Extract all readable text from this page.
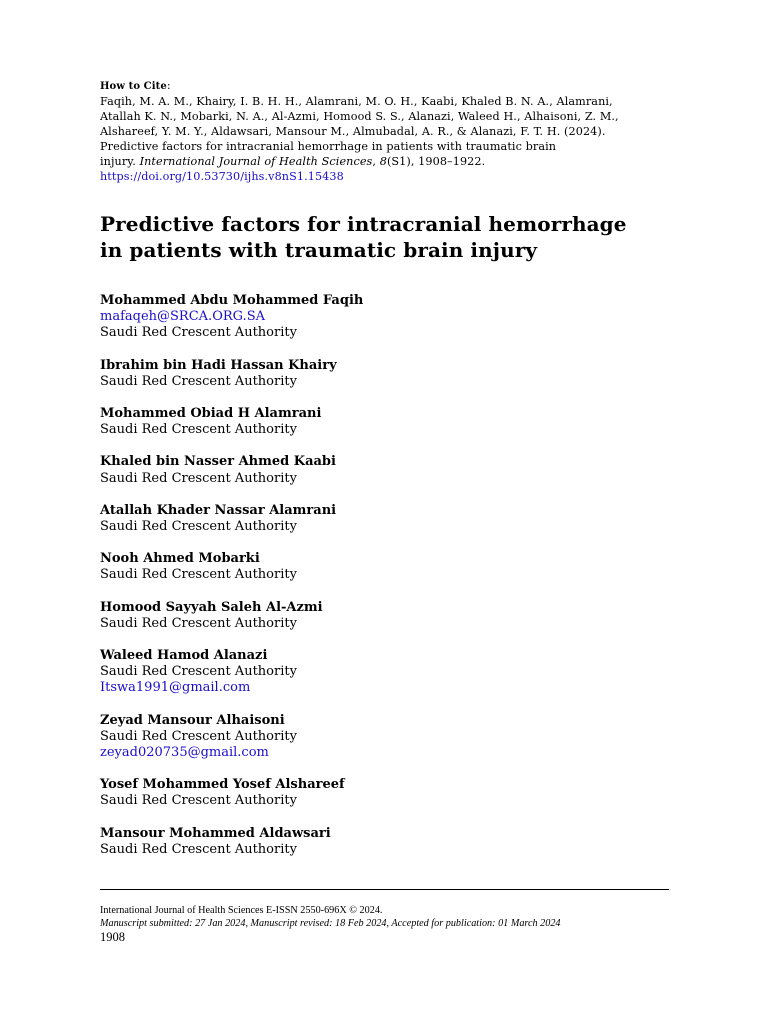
How to Cite:
Faqih, M. A. M., Khairy, I. B. H. H., Alamrani, M. O. H., Kaabi, Khaled B. N. A., Alamrani,
Atallah K. N., Mobarki, N. A., Al-Azmi, Homood S. S., Alanazi, Waleed H., Alhaisoni, Z. M.,
Alshareef, Y. M. Y., Aldawsari, Mansour M., Almubadal, A. R., & Alanazi, F. T. H. (2024).
Predictive factors for intracranial hemorrhage in patients with traumatic brain
injury. International Journal of Health Sciences, 8(S1), 1908–1922.
https://doi.org/10.53730/ijhs.v8nS1.15438
Predictive factors for intracranial hemorrhage
in patients with traumatic brain injury
Mohammed Abdu Mohammed Faqih
mafaqeh@SRCA.ORG.SA
Saudi Red Crescent Authority
Ibrahim bin Hadi Hassan Khairy
Saudi Red Crescent Authority
Mohammed Obiad H Alamrani
Saudi Red Crescent Authority
Khaled bin Nasser Ahmed Kaabi
Saudi Red Crescent Authority
Atallah Khader Nassar Alamrani
Saudi Red Crescent Authority
Nooh Ahmed Mobarki
Saudi Red Crescent Authority
Homood Sayyah Saleh Al-Azmi
Saudi Red Crescent Authority
Waleed Hamod Alanazi
Saudi Red Crescent Authority
Itswa1991@gmail.com
Zeyad Mansour Alhaisoni
Saudi Red Crescent Authority
zeyad020735@gmail.com
Yosef Mohammed Yosef Alshareef
Saudi Red Crescent Authority
Mansour Mohammed Aldawsari
Saudi Red Crescent Authority
International Journal of Health Sciences E-ISSN 2550-696X © 2024.
Manuscript submitted: 27 Jan 2024, Manuscript revised: 18 Feb 2024, Accepted for publication: 01 March 2024
1908
